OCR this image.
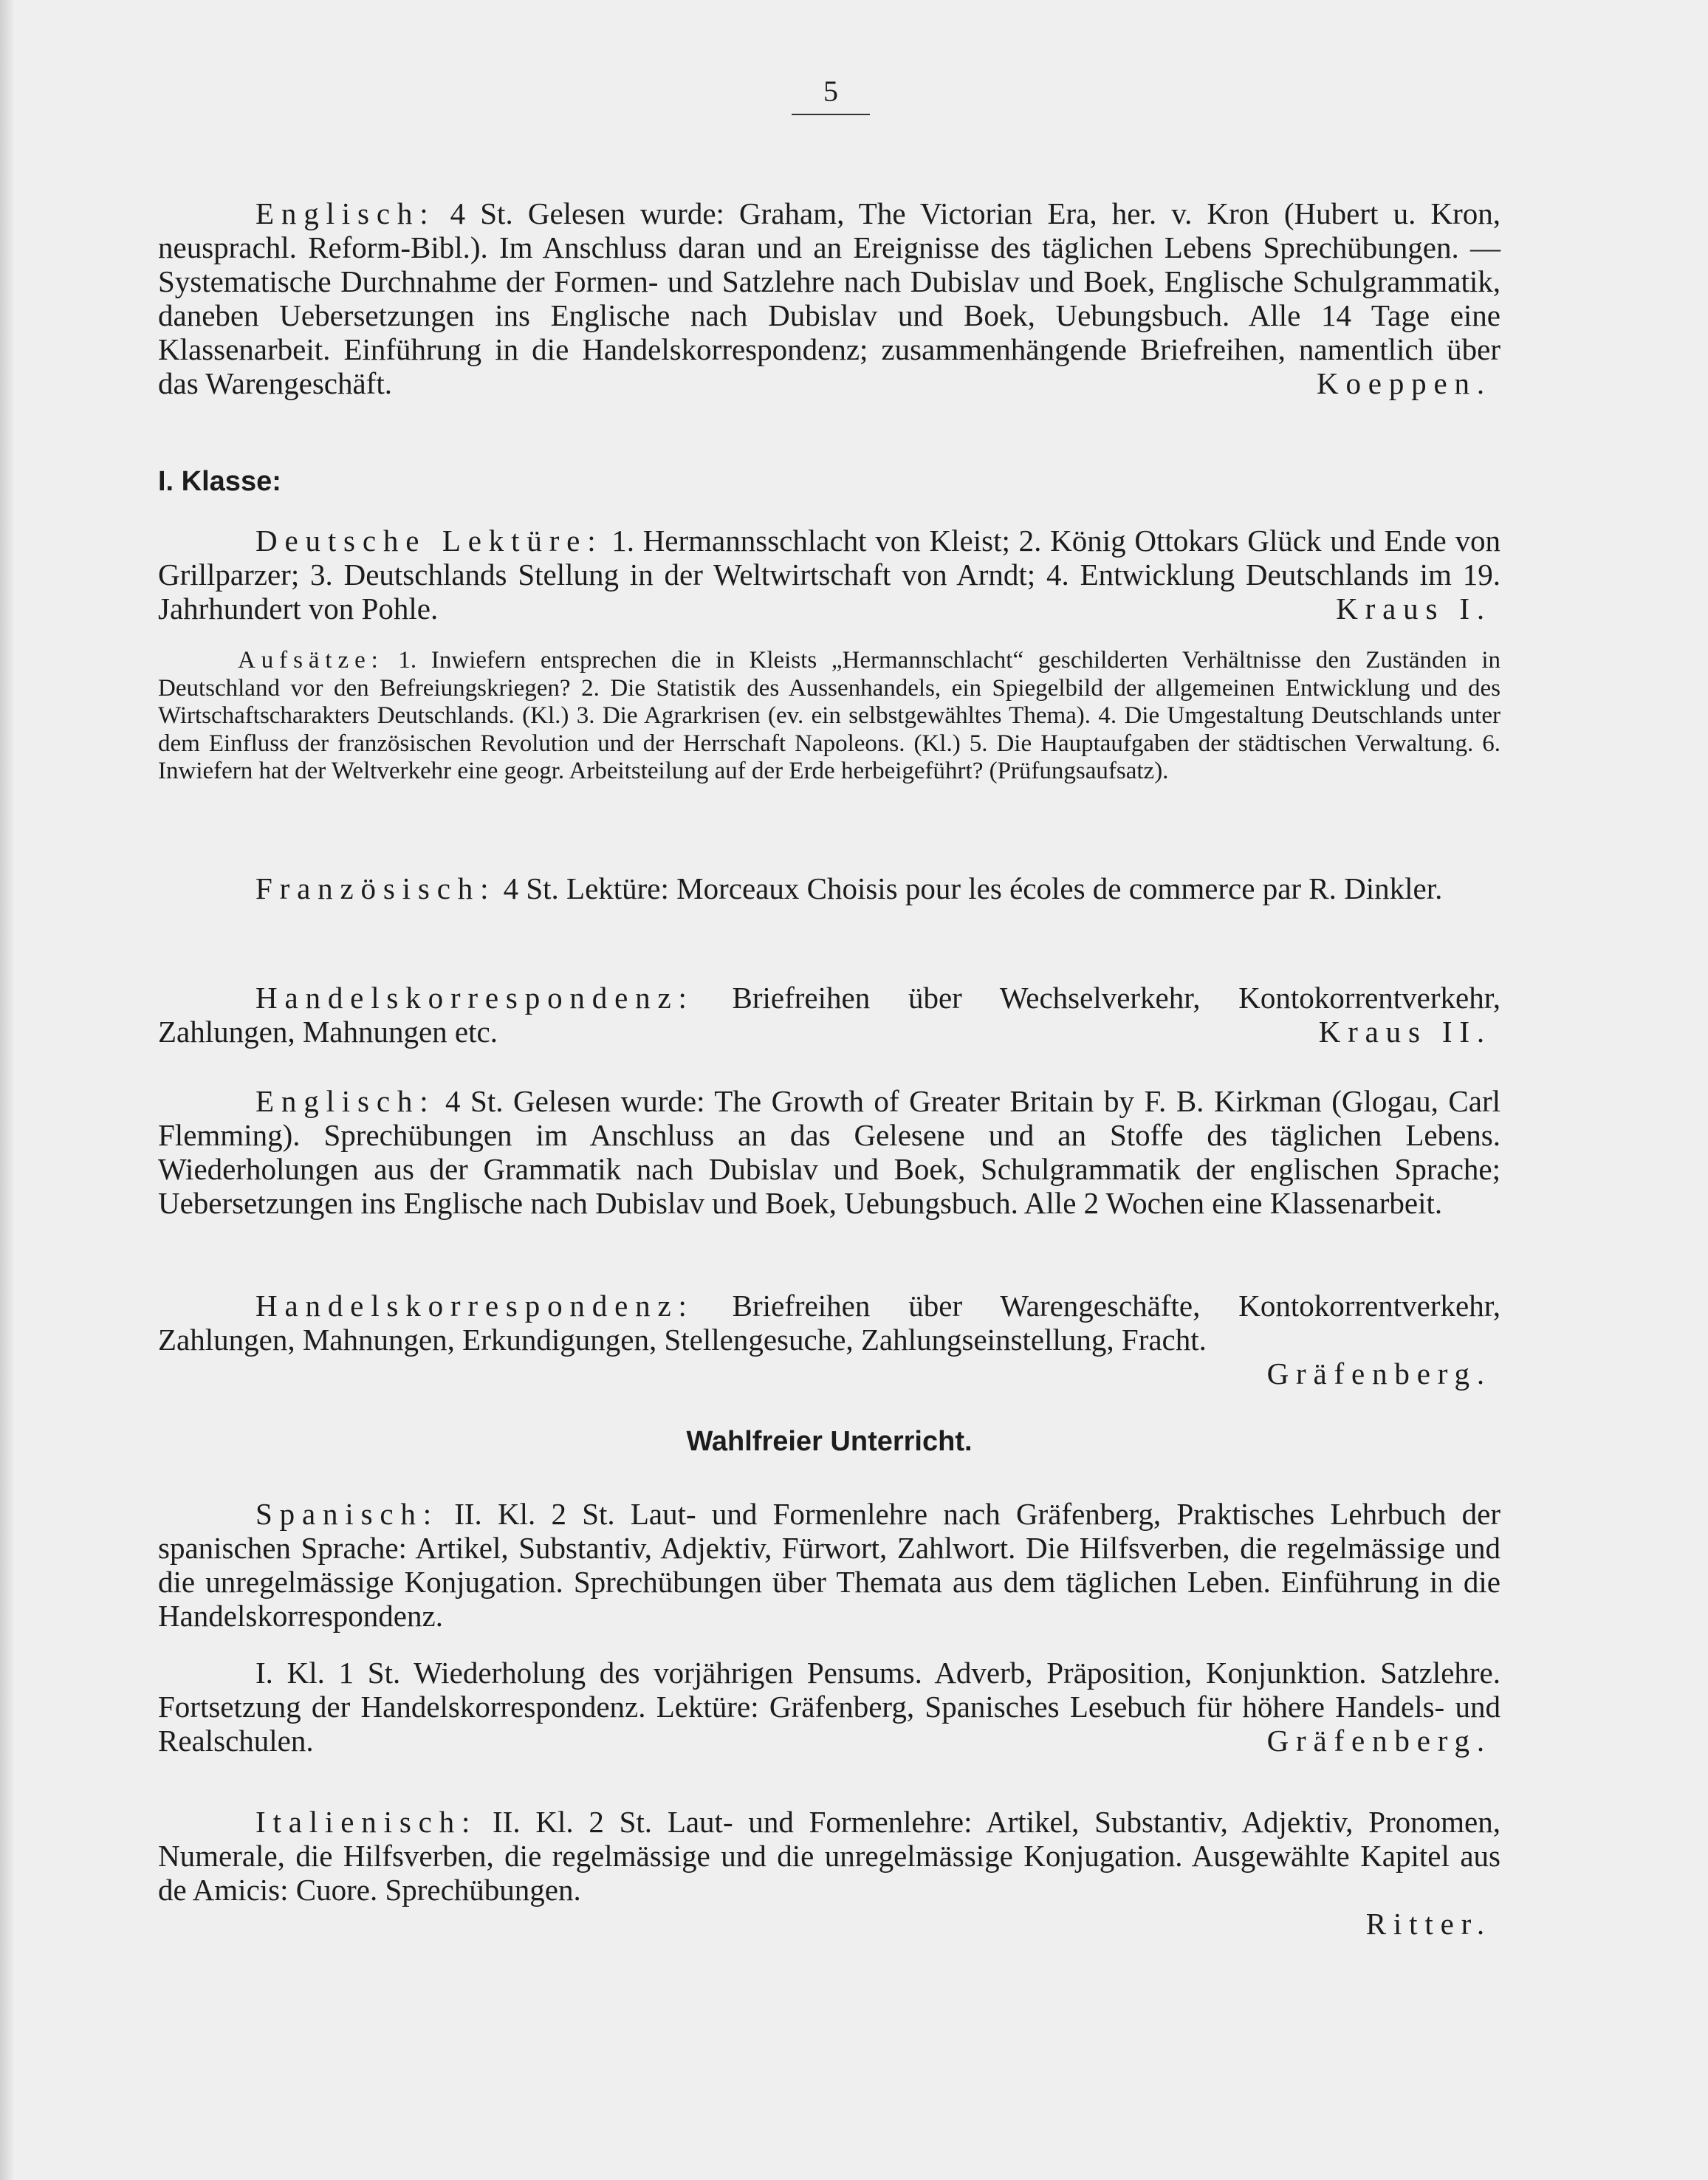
5

Englisch: 4 St. Gelesen wurde: Graham, The Victorian Era, her. v. Kron (Hubert u. Kron, neusprachl. Reform-Bibl.). Im Anschluss daran und an Ereignisse des täglichen Lebens Sprechübungen. — Systematische Durchnahme der Formen- und Satzlehre nach Dubislav und Boek, Englische Schulgrammatik, daneben Uebersetzungen ins Englische nach Dubislav und Boek, Uebungsbuch. Alle 14 Tage eine Klassenarbeit. Einführung in die Handelskorrespondenz; zusammenhängende Briefreihen, namentlich über das Warengeschäft.	Koeppen.

I. Klasse:

Deutsche Lektüre: 1. Hermannsschlacht von Kleist; 2. König Ottokars Glück und Ende von Grillparzer; 3. Deutschlands Stellung in der Weltwirtschaft von Arndt; 4. Entwicklung Deutschlands im 19. Jahrhundert von Pohle.	Kraus I.

Aufsätze: 1. Inwiefern entsprechen die in Kleists „Hermannschlacht“ geschilderten Verhältnisse den Zuständen in Deutschland vor den Befreiungskriegen? 2. Die Statistik des Aussenhandels, ein Spiegelbild der allgemeinen Entwicklung und des Wirtschaftscharakters Deutschlands. (Kl.) 3. Die Agrarkrisen (ev. ein selbstgewähltes Thema). 4. Die Umgestaltung Deutschlands unter dem Einfluss der französischen Revolution und der Herrschaft Napoleons. (Kl.) 5. Die Hauptaufgaben der städtischen Verwaltung. 6. Inwiefern hat der Weltverkehr eine geogr. Arbeitsteilung auf der Erde herbeigeführt? (Prüfungsaufsatz).

Französisch: 4 St. Lektüre: Morceaux Choisis pour les écoles de commerce par R. Dinkler.

Handelskorrespondenz: Briefreihen über Wechselverkehr, Kontokorrentverkehr, Zahlungen, Mahnungen etc.	Kraus II.

Englisch: 4 St. Gelesen wurde: The Growth of Greater Britain by F. B. Kirkman (Glogau, Carl Flemming). Sprechübungen im Anschluss an das Gelesene und an Stoffe des täglichen Lebens. Wiederholungen aus der Grammatik nach Dubislav und Boek, Schulgrammatik der englischen Sprache; Uebersetzungen ins Englische nach Dubislav und Boek, Uebungsbuch. Alle 2 Wochen eine Klassenarbeit.

Handelskorrespondenz: Briefreihen über Warengeschäfte, Kontokorrentverkehr, Zahlungen, Mahnungen, Erkundigungen, Stellengesuche, Zahlungseinstellung, Fracht.

Gräfenberg.
Wahlfreier Unterricht.

Spanisch: II. Kl. 2 St. Laut- und Formenlehre nach Gräfenberg, Praktisches Lehrbuch der spanischen Sprache: Artikel, Substantiv, Adjektiv, Fürwort, Zahlwort. Die Hilfsverben, die regelmässige und die unregelmässige Konjugation. Sprechübungen über Themata aus dem täglichen Leben. Einführung in die Handelskorrespondenz.

I. Kl. 1 St. Wiederholung des vorjährigen Pensums. Adverb, Präposition, Konjunktion. Satzlehre. Fortsetzung der Handelskorrespondenz. Lektüre: Gräfenberg, Spanisches Lesebuch für höhere Handels- und Realschulen.	Gräfenberg.

Italienisch: II. Kl. 2 St. Laut- und Formenlehre: Artikel, Substantiv, Adjektiv, Pronomen, Numerale, die Hilfsverben, die regelmässige und die unregelmässige Konjugation. Ausgewählte Kapitel aus de Amicis: Cuore. Sprechübungen.

Ritter.
